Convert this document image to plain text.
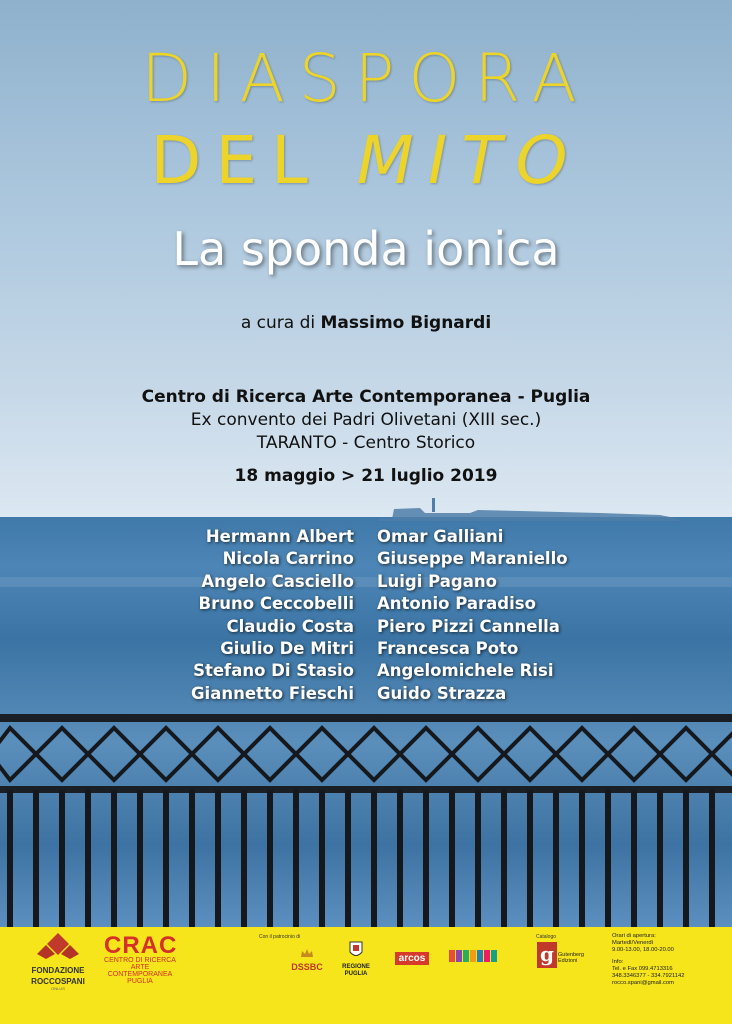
DIASPORA
DEL MITO
La sponda ionica
a cura di Massimo Bignardi
Centro di Ricerca Arte Contemporanea - Puglia
Ex convento dei Padri Olivetani (XIII sec.)
TARANTO - Centro Storico
18 maggio > 21 luglio 2019
Hermann Albert
Nicola Carrino
Angelo Casciello
Bruno Ceccobelli
Claudio Costa
Giulio De Mitri
Stefano Di Stasio
Giannetto Fieschi
Omar Galliani
Giuseppe Maraniello
Luigi Pagano
Antonio Paradiso
Piero Pizzi Cannella
Francesca Poto
Angelomichele Risi
Guido Strazza
FONDAZIONE
ROCCOSPANI
ONLUS
CRAC
CENTRO DI RICERCA
ARTE CONTEMPORANEA
PUGLIA
Con il patrocinio di
DSSBC	REGIONE PUGLIA
arcos
Catalogo
g Gutenberg
Edizioni
Orari di apertura:
Martedì/Venerdì
9.00-13.00, 18.00-20.00
Info:
Tel. e Fax 099.4713316
348.3346377 - 334.7921142
rocco.spani@gmail.com
